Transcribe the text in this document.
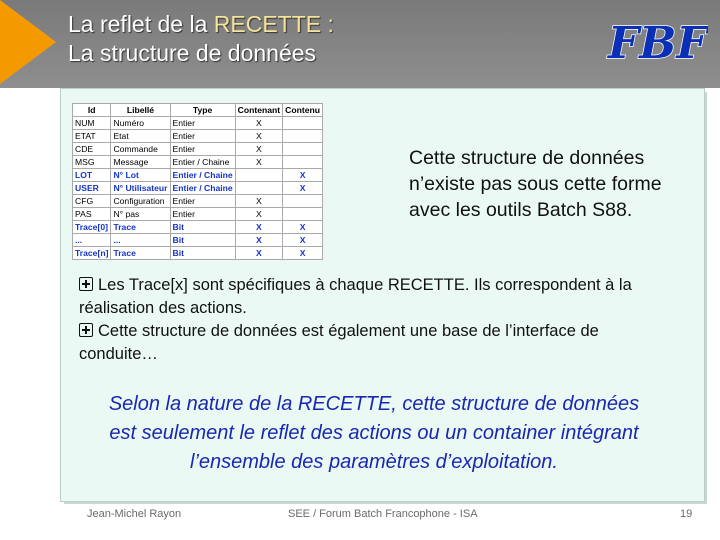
La reflet de la RECETTE :
La structure de données	FBF
Id	Libellé	Type	Contenant	Contenu
NUM	Numéro	Entier	X	
ETAT	Etat	Entier	X	
CDE	Commande	Entier	X	
MSG	Message	Entier / Chaine	X	
LOT	N° Lot	Entier / Chaine		X
USER	N° Utilisateur	Entier / Chaine		X
CFG	Configuration	Entier	X	
PAS	N° pas	Entier	X	
Trace[0]	Trace	Bit	X	X
...	...	Bit	X	X
Trace[n]	Trace	Bit	X	X
Cette structure de données n’existe pas sous cette forme avec les outils Batch S88.
Les Trace[x] sont spécifiques à chaque RECETTE. Ils correspondent à la réalisation des actions.
Cette structure de données est également une base de l’interface de conduite…
Selon la nature de la RECETTE, cette structure de données est seulement le reflet des actions ou un container intégrant l’ensemble des paramètres d’exploitation.
Jean-Michel Rayon	SEE / Forum Batch Francophone - ISA	19
